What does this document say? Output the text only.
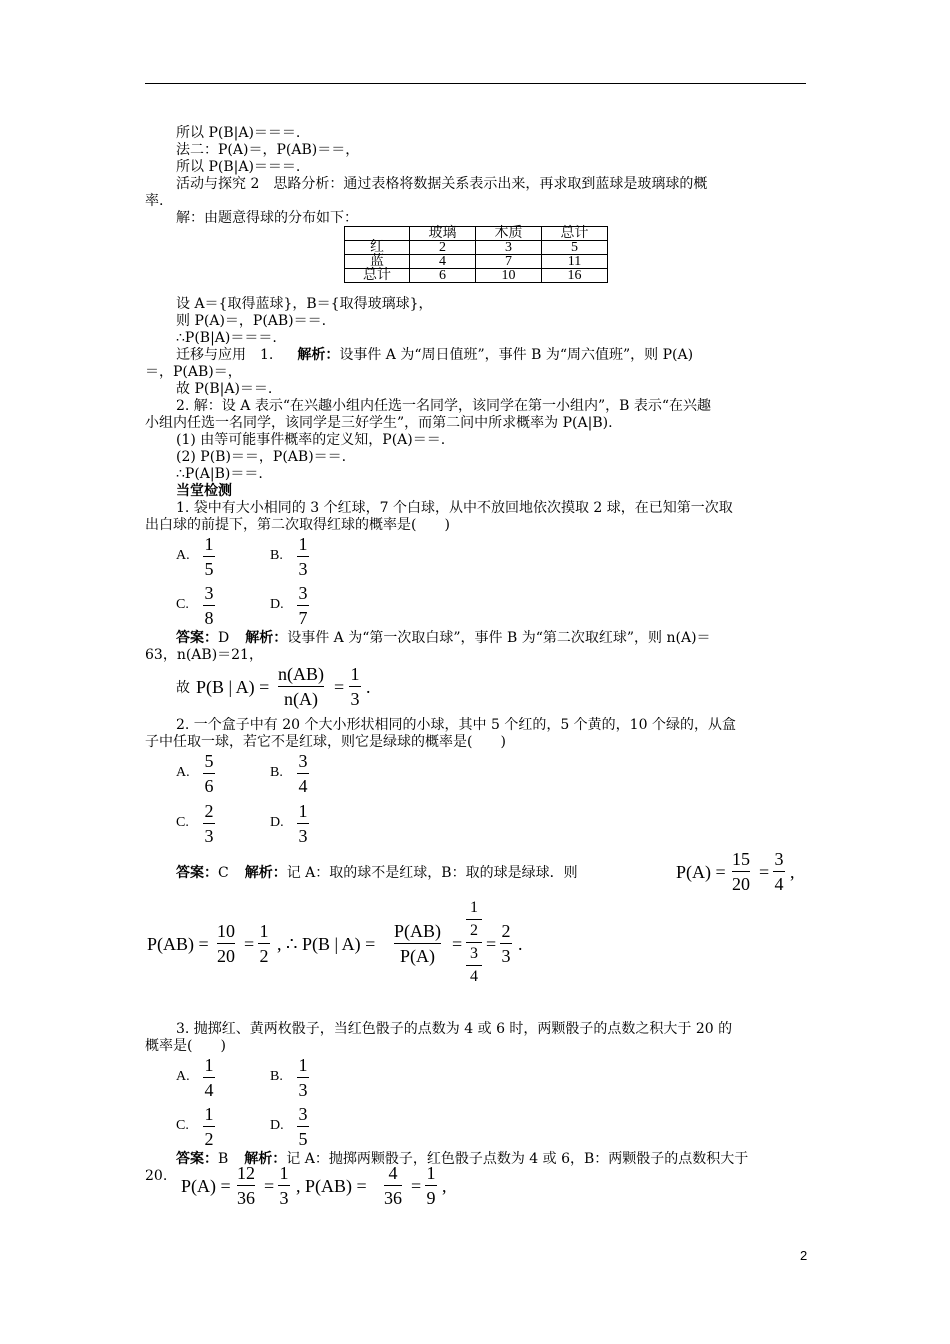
所以 P(B|A)＝＝＝.
法二：P(A)＝，P(AB)＝＝，
所以 P(B|A)＝＝＝.
活动与探究 2　思路分析：通过表格将数据关系表示出来，再求取到蓝球是玻璃球的概
率.
解：由题意得球的分布如下：
	玻璃	木质	总计
红	2	3	5
蓝	4	7	11
总计	6	10	16
设 A＝{取得蓝球}，B＝{取得玻璃球}，
则 P(A)＝，P(AB)＝＝.
∴P(B|A)＝＝＝.
迁移与应用　1. 解析：设事件 A 为“周日值班”，事件 B 为“周六值班”，则 P(A)
＝，P(AB)＝，
故 P(B|A)＝＝.
2. 解：设 A 表示“在兴趣小组内任选一名同学，该同学在第一小组内”，B 表示“在兴趣
小组内任选一名同学，该同学是三好学生”，而第二问中所求概率为 P(A|B).
(1) 由等可能事件概率的定义知，P(A)＝＝.
(2) P(B)＝＝，P(AB)＝＝.
∴P(A|B)＝＝.
当堂检测
1. 袋中有大小相同的 3 个红球，7 个白球，从中不放回地依次摸取 2 球，在已知第一次取
出白球的前提下，第二次取得红球的概率是(　　)
A.
1
5
B.
1
3
C.
3
8
D.
3
7
答案：D 解析：设事件 A 为“第一次取白球”，事件 B 为“第二次取红球”，则 n(A)＝
63，n(AB)＝21，
故 P(B | A) =
n(AB)
n(A)
=
1
3
.
2. 一个盒子中有 20 个大小形状相同的小球，其中 5 个红的，5 个黄的，10 个绿的，从盒
子中任取一球，若它不是红球，则它是绿球的概率是(　　)
A.
5
6
B.
3
4
C.
2
3
D.
1
3
答案：C 解析：记 A：取的球不是红球，B：取的球是绿球．则	P(A) =
15
20
=
3
4
,
P(AB) =
10
20
=
1
2
, ∴ P(B | A) =
P(AB)
P(A)
=
1
2
3
4
=
2
3
.
3. 抛掷红、黄两枚骰子，当红色骰子的点数为 4 或 6 时，两颗骰子的点数之积大于 20 的
概率是(　　)
A.
1
4
B.
1
3
C.
1
2
D.
3
5
答案：B 解析：记 A：抛掷两颗骰子，红色骰子点数为 4 或 6，B：两颗骰子的点数积大于
20. P(A) =
12
36
=
1
3
, P(AB) =
4
36
=
1
9
,
2
